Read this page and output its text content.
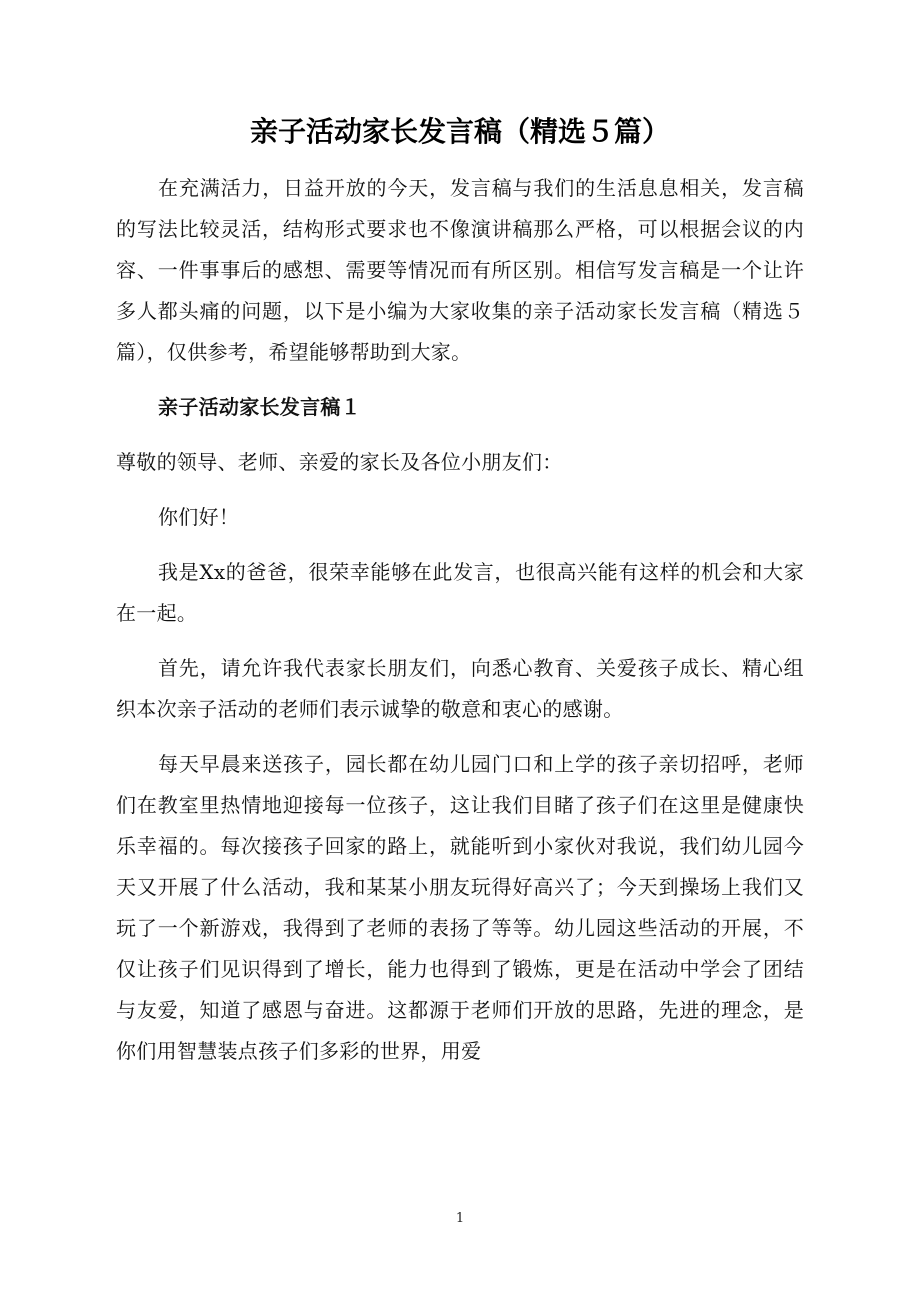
亲子活动家长发言稿（精选５篇）

在充满活力，日益开放的今天，发言稿与我们的生活息息相关，发言稿的写法比较灵活，结构形式要求也不像演讲稿那么严格，可以根据会议的内容、一件事事后的感想、需要等情况而有所区别。相信写发言稿是一个让许多人都头痛的问题，以下是小编为大家收集的亲子活动家长发言稿（精选５篇），仅供参考，希望能够帮助到大家。

亲子活动家长发言稿１

尊敬的领导、老师、亲爱的家长及各位小朋友们：

你们好！

我是Xx的爸爸，很荣幸能够在此发言，也很高兴能有这样的机会和大家在一起。

首先，请允许我代表家长朋友们，向悉心教育、关爱孩子成长、精心组织本次亲子活动的老师们表示诚挚的敬意和衷心的感谢。

每天早晨来送孩子，园长都在幼儿园门口和上学的孩子亲切招呼，老师们在教室里热情地迎接每一位孩子，这让我们目睹了孩子们在这里是健康快乐幸福的。每次接孩子回家的路上，就能听到小家伙对我说，我们幼儿园今天又开展了什么活动，我和某某小朋友玩得好高兴了；今天到操场上我们又玩了一个新游戏，我得到了老师的表扬了等等。幼儿园这些活动的开展，不仅让孩子们见识得到了增长，能力也得到了锻炼，更是在活动中学会了团结与友爱，知道了感恩与奋进。这都源于老师们开放的思路，先进的理念，是你们用智慧装点孩子们多彩的世界，用爱

1
